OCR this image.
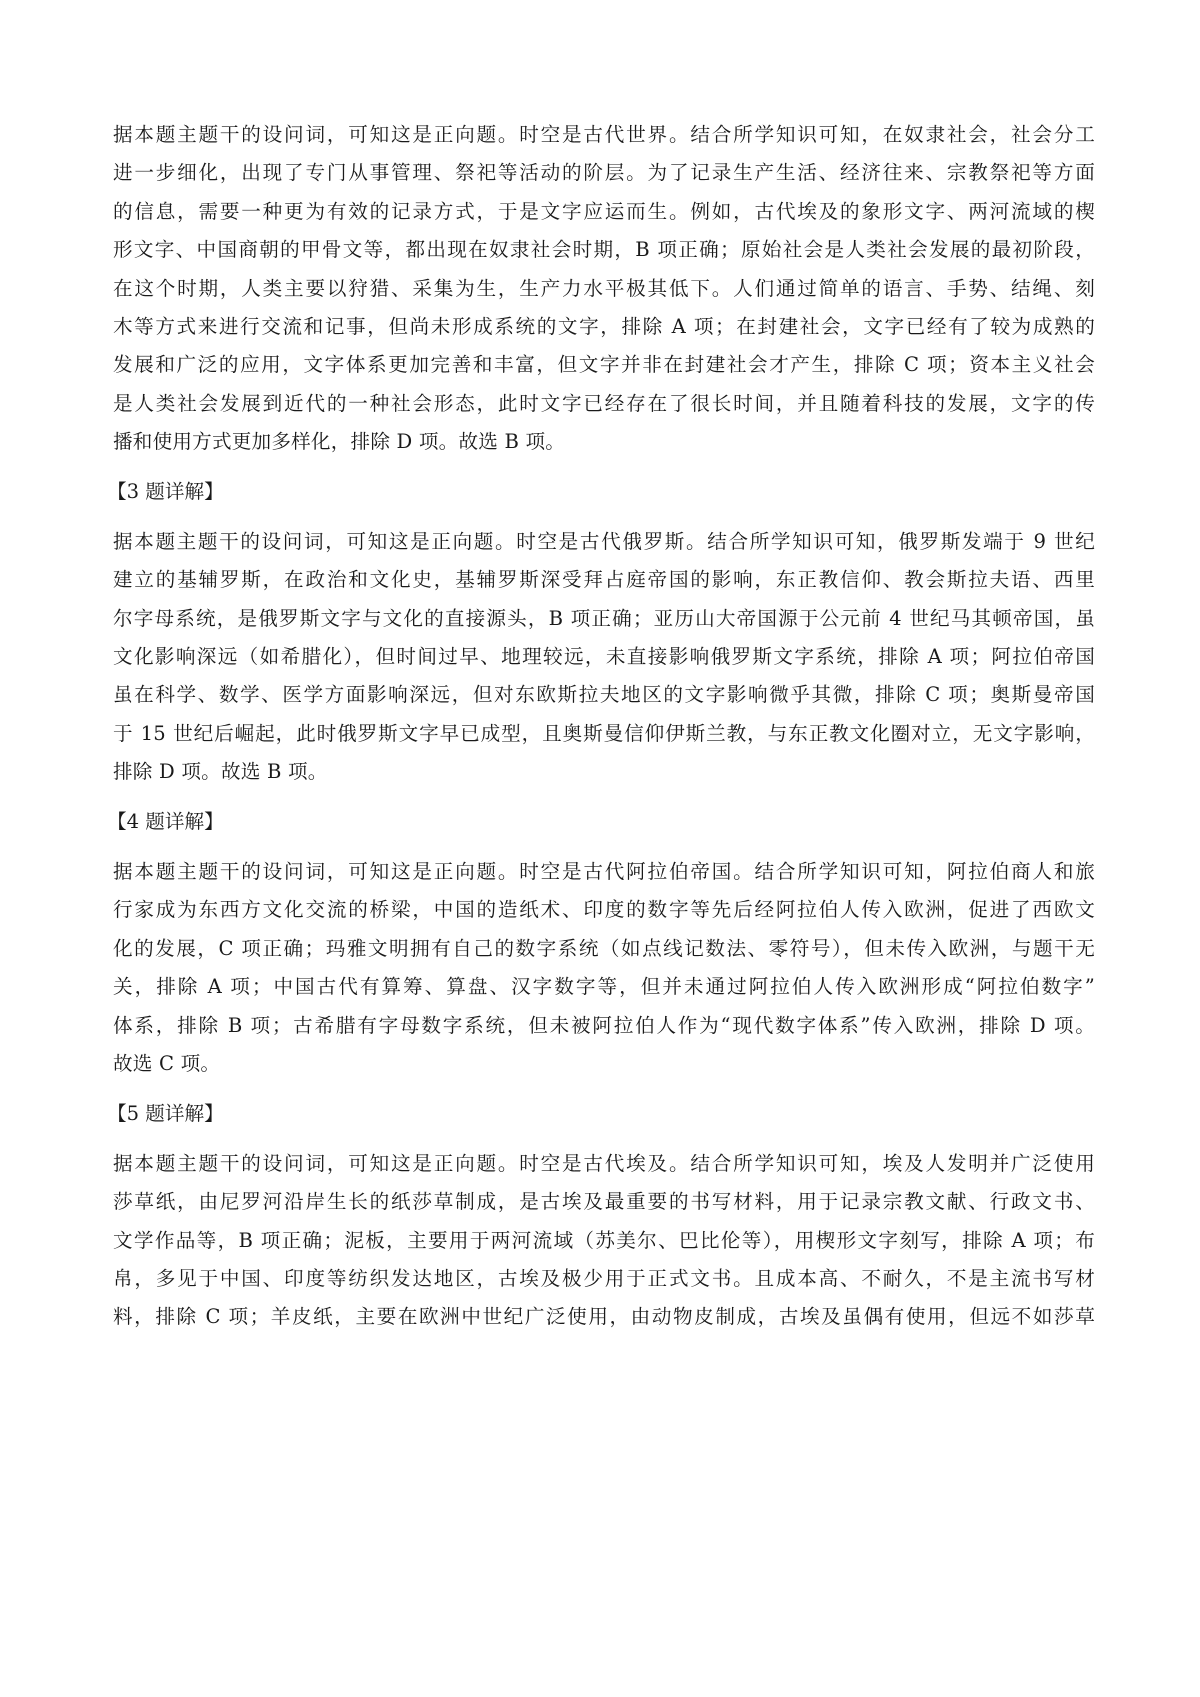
据本题主题干的设问词，可知这是正向题。时空是古代世界。结合所学知识可知，在奴隶社会，社会分工
进一步细化，出现了专门从事管理、祭祀等活动的阶层。为了记录生产生活、经济往来、宗教祭祀等方面
的信息，需要一种更为有效的记录方式，于是文字应运而生。例如，古代埃及的象形文字、两河流域的楔
形文字、中国商朝的甲骨文等，都出现在奴隶社会时期，B 项正确；原始社会是人类社会发展的最初阶段，
在这个时期，人类主要以狩猎、采集为生，生产力水平极其低下。人们通过简单的语言、手势、结绳、刻
木等方式来进行交流和记事，但尚未形成系统的文字，排除 A 项；在封建社会，文字已经有了较为成熟的
发展和广泛的应用，文字体系更加完善和丰富，但文字并非在封建社会才产生，排除 C 项；资本主义社会
是人类社会发展到近代的一种社会形态，此时文字已经存在了很长时间，并且随着科技的发展，文字的传
播和使用方式更加多样化，排除 D 项。故选 B 项。
【3 题详解】
据本题主题干的设问词，可知这是正向题。时空是古代俄罗斯。结合所学知识可知，俄罗斯发端于 9 世纪
建立的基辅罗斯，在政治和文化史，基辅罗斯深受拜占庭帝国的影响，东正教信仰、教会斯拉夫语、西里
尔字母系统，是俄罗斯文字与文化的直接源头，B 项正确；亚历山大帝国源于公元前 4 世纪马其顿帝国，虽
文化影响深远（如希腊化），但时间过早、地理较远，未直接影响俄罗斯文字系统，排除 A 项；阿拉伯帝国
虽在科学、数学、医学方面影响深远，但对东欧斯拉夫地区的文字影响微乎其微，排除 C 项；奥斯曼帝国
于 15 世纪后崛起，此时俄罗斯文字早已成型，且奥斯曼信仰伊斯兰教，与东正教文化圈对立，无文字影响，
排除 D 项。故选 B 项。
【4 题详解】
据本题主题干的设问词，可知这是正向题。时空是古代阿拉伯帝国。结合所学知识可知，阿拉伯商人和旅
行家成为东西方文化交流的桥梁，中国的造纸术、印度的数字等先后经阿拉伯人传入欧洲，促进了西欧文
化的发展，C 项正确；玛雅文明拥有自己的数字系统（如点线记数法、零符号），但未传入欧洲，与题干无
关，排除 A 项；中国古代有算筹、算盘、汉字数字等，但并未通过阿拉伯人传入欧洲形成“阿拉伯数字”
体系，排除 B 项；古希腊有字母数字系统，但未被阿拉伯人作为“现代数字体系”传入欧洲，排除 D 项。
故选 C 项。
【5 题详解】
据本题主题干的设问词，可知这是正向题。时空是古代埃及。结合所学知识可知，埃及人发明并广泛使用
莎草纸，由尼罗河沿岸生长的纸莎草制成，是古埃及最重要的书写材料，用于记录宗教文献、行政文书、
文学作品等，B 项正确；泥板，主要用于两河流域（苏美尔、巴比伦等），用楔形文字刻写，排除 A 项；布
帛，多见于中国、印度等纺织发达地区，古埃及极少用于正式文书。且成本高、不耐久，不是主流书写材
料，排除 C 项；羊皮纸，主要在欧洲中世纪广泛使用，由动物皮制成，古埃及虽偶有使用，但远不如莎草
